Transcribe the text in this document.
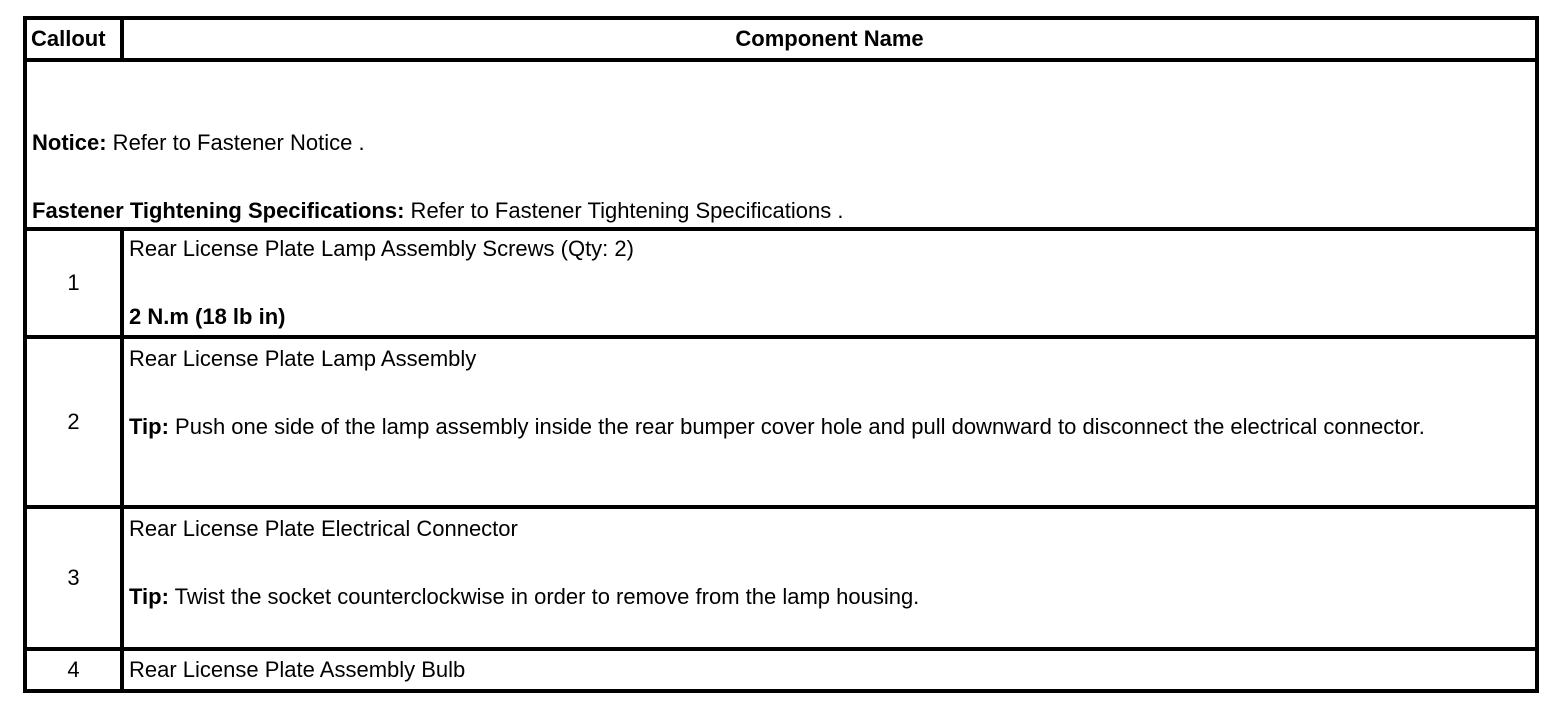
Callout	Component Name

Notice: Refer to Fastener Notice .

Fastener Tightening Specifications: Refer to Fastener Tightening Specifications .	

1	Rear License Plate Lamp Assembly Screws (Qty: 2)

2 N.m (18 lb in)

2	Rear License Plate Lamp Assembly

Tip: Push one side of the lamp assembly inside the rear bumper cover hole and pull downward to disconnect the electrical connector.

3	Rear License Plate Electrical Connector

Tip: Twist the socket counterclockwise in order to remove from the lamp housing.

4	Rear License Plate Assembly Bulb
